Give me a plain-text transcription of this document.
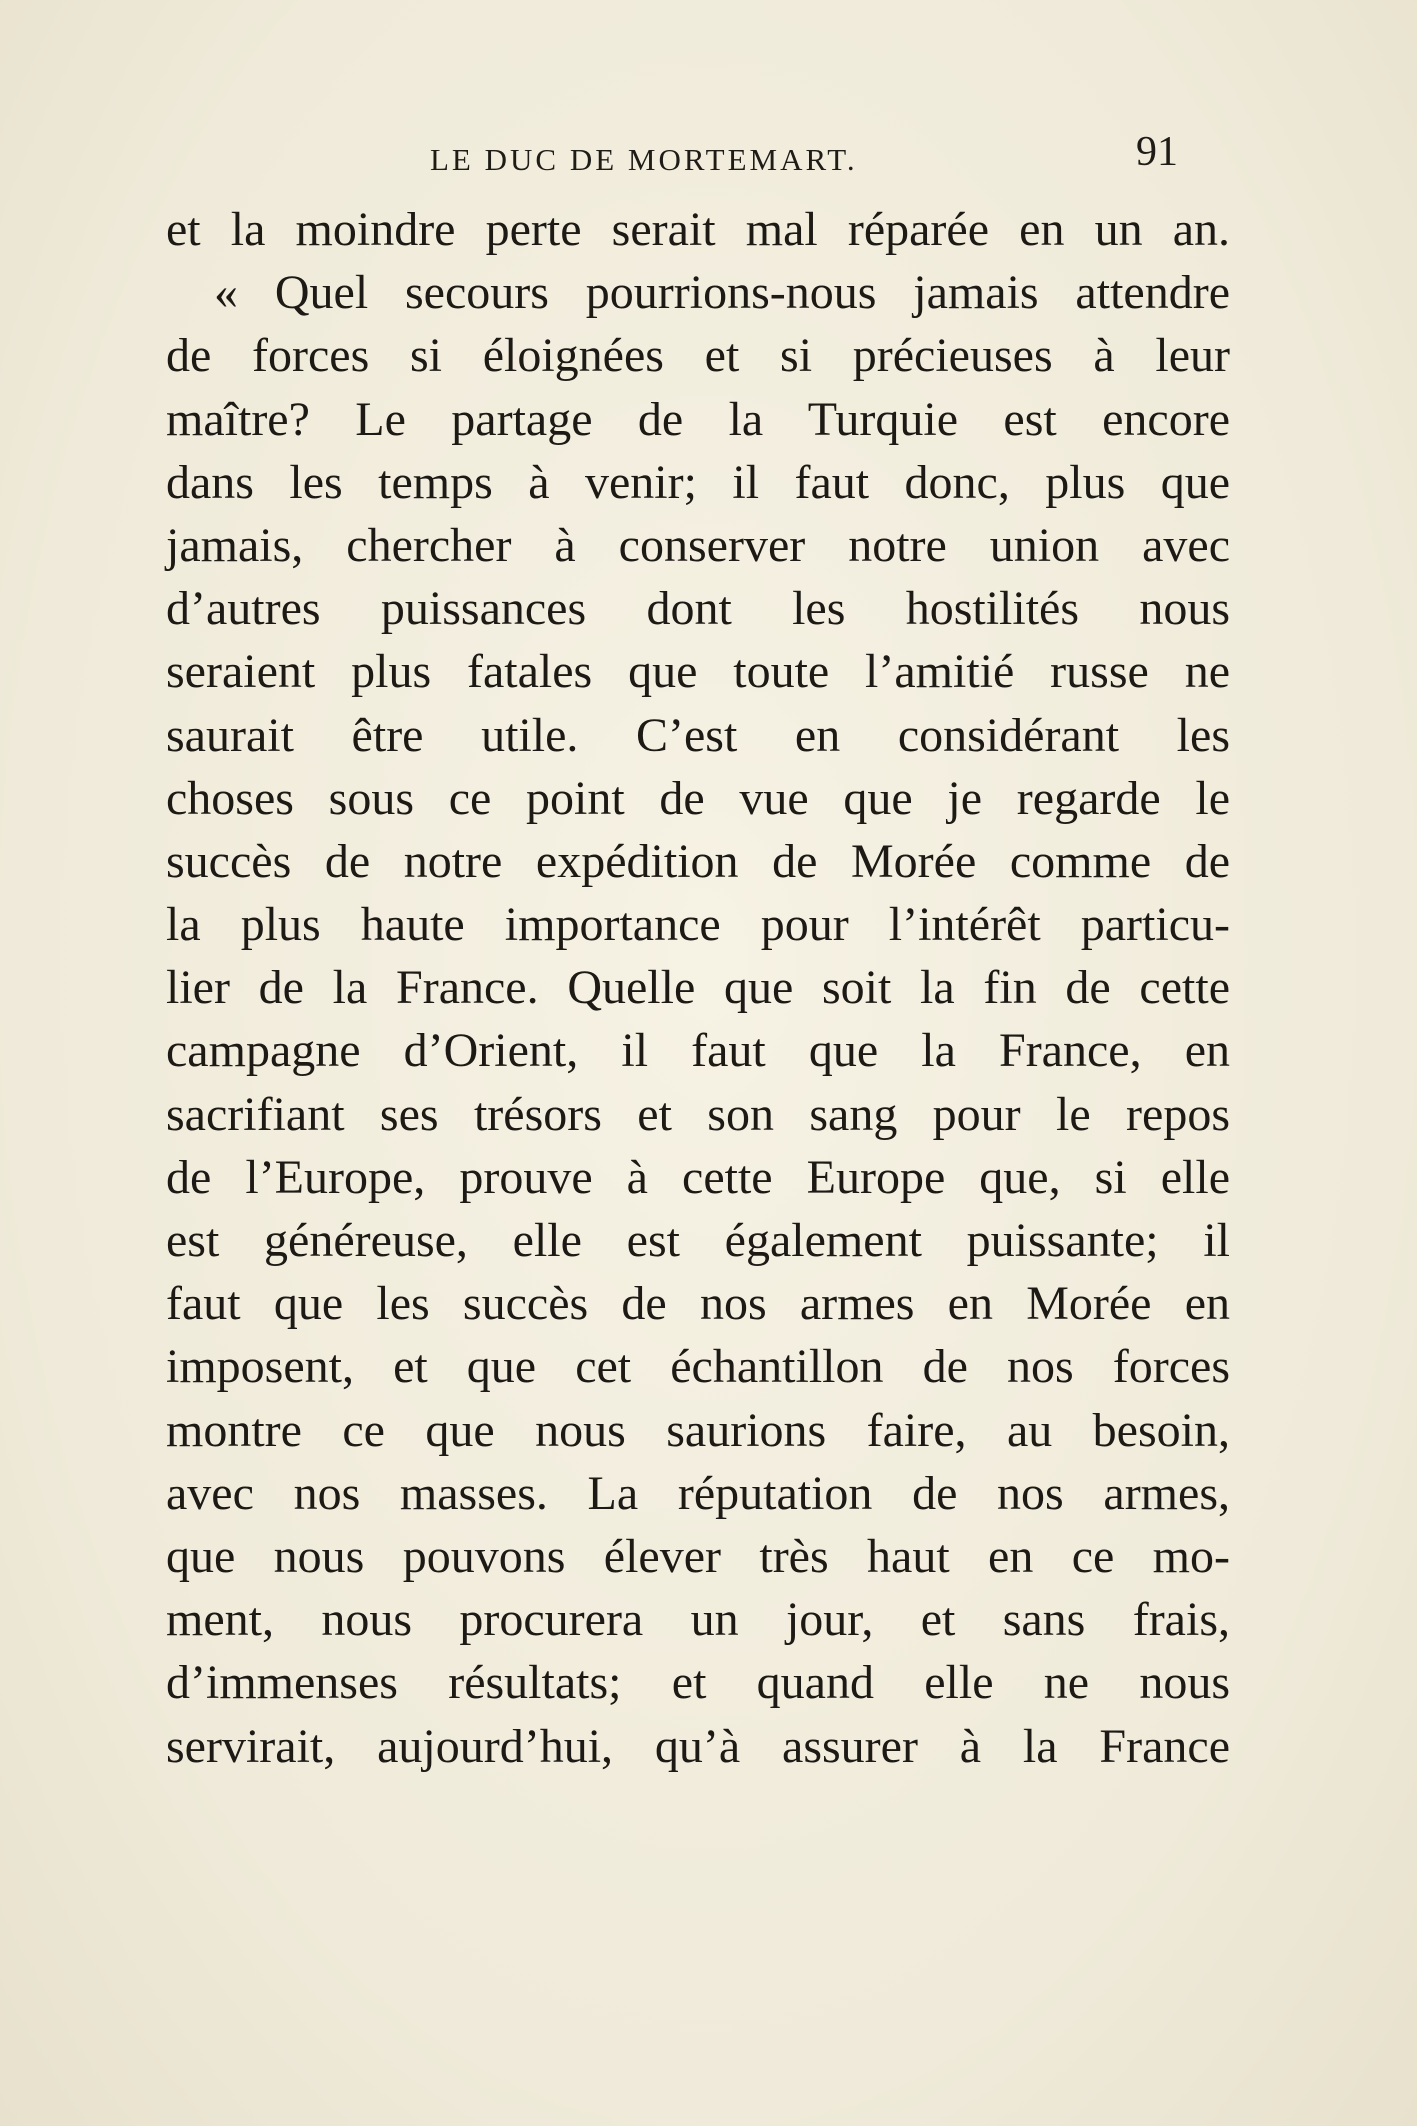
LE DUC DE MORTEMART.	91
et la moindre perte serait mal réparée en un an.
« Quel secours pourrions-nous jamais attendre
de forces si éloignées et si précieuses à leur
maître? Le partage de la Turquie est encore
dans les temps à venir; il faut donc, plus que
jamais, chercher à conserver notre union avec
d’autres puissances dont les hostilités nous
seraient plus fatales que toute l’amitié russe ne
saurait être utile. C’est en considérant les
choses sous ce point de vue que je regarde le
succès de notre expédition de Morée comme de
la plus haute importance pour l’intérêt particu-
lier de la France. Quelle que soit la fin de cette
campagne d’Orient, il faut que la France, en
sacrifiant ses trésors et son sang pour le repos
de l’Europe, prouve à cette Europe que, si elle
est généreuse, elle est également puissante; il
faut que les succès de nos armes en Morée en
imposent, et que cet échantillon de nos forces
montre ce que nous saurions faire, au besoin,
avec nos masses. La réputation de nos armes,
que nous pouvons élever très haut en ce mo-
ment, nous procurera un jour, et sans frais,
d’immenses résultats; et quand elle ne nous
servirait, aujourd’hui, qu’à assurer à la France
